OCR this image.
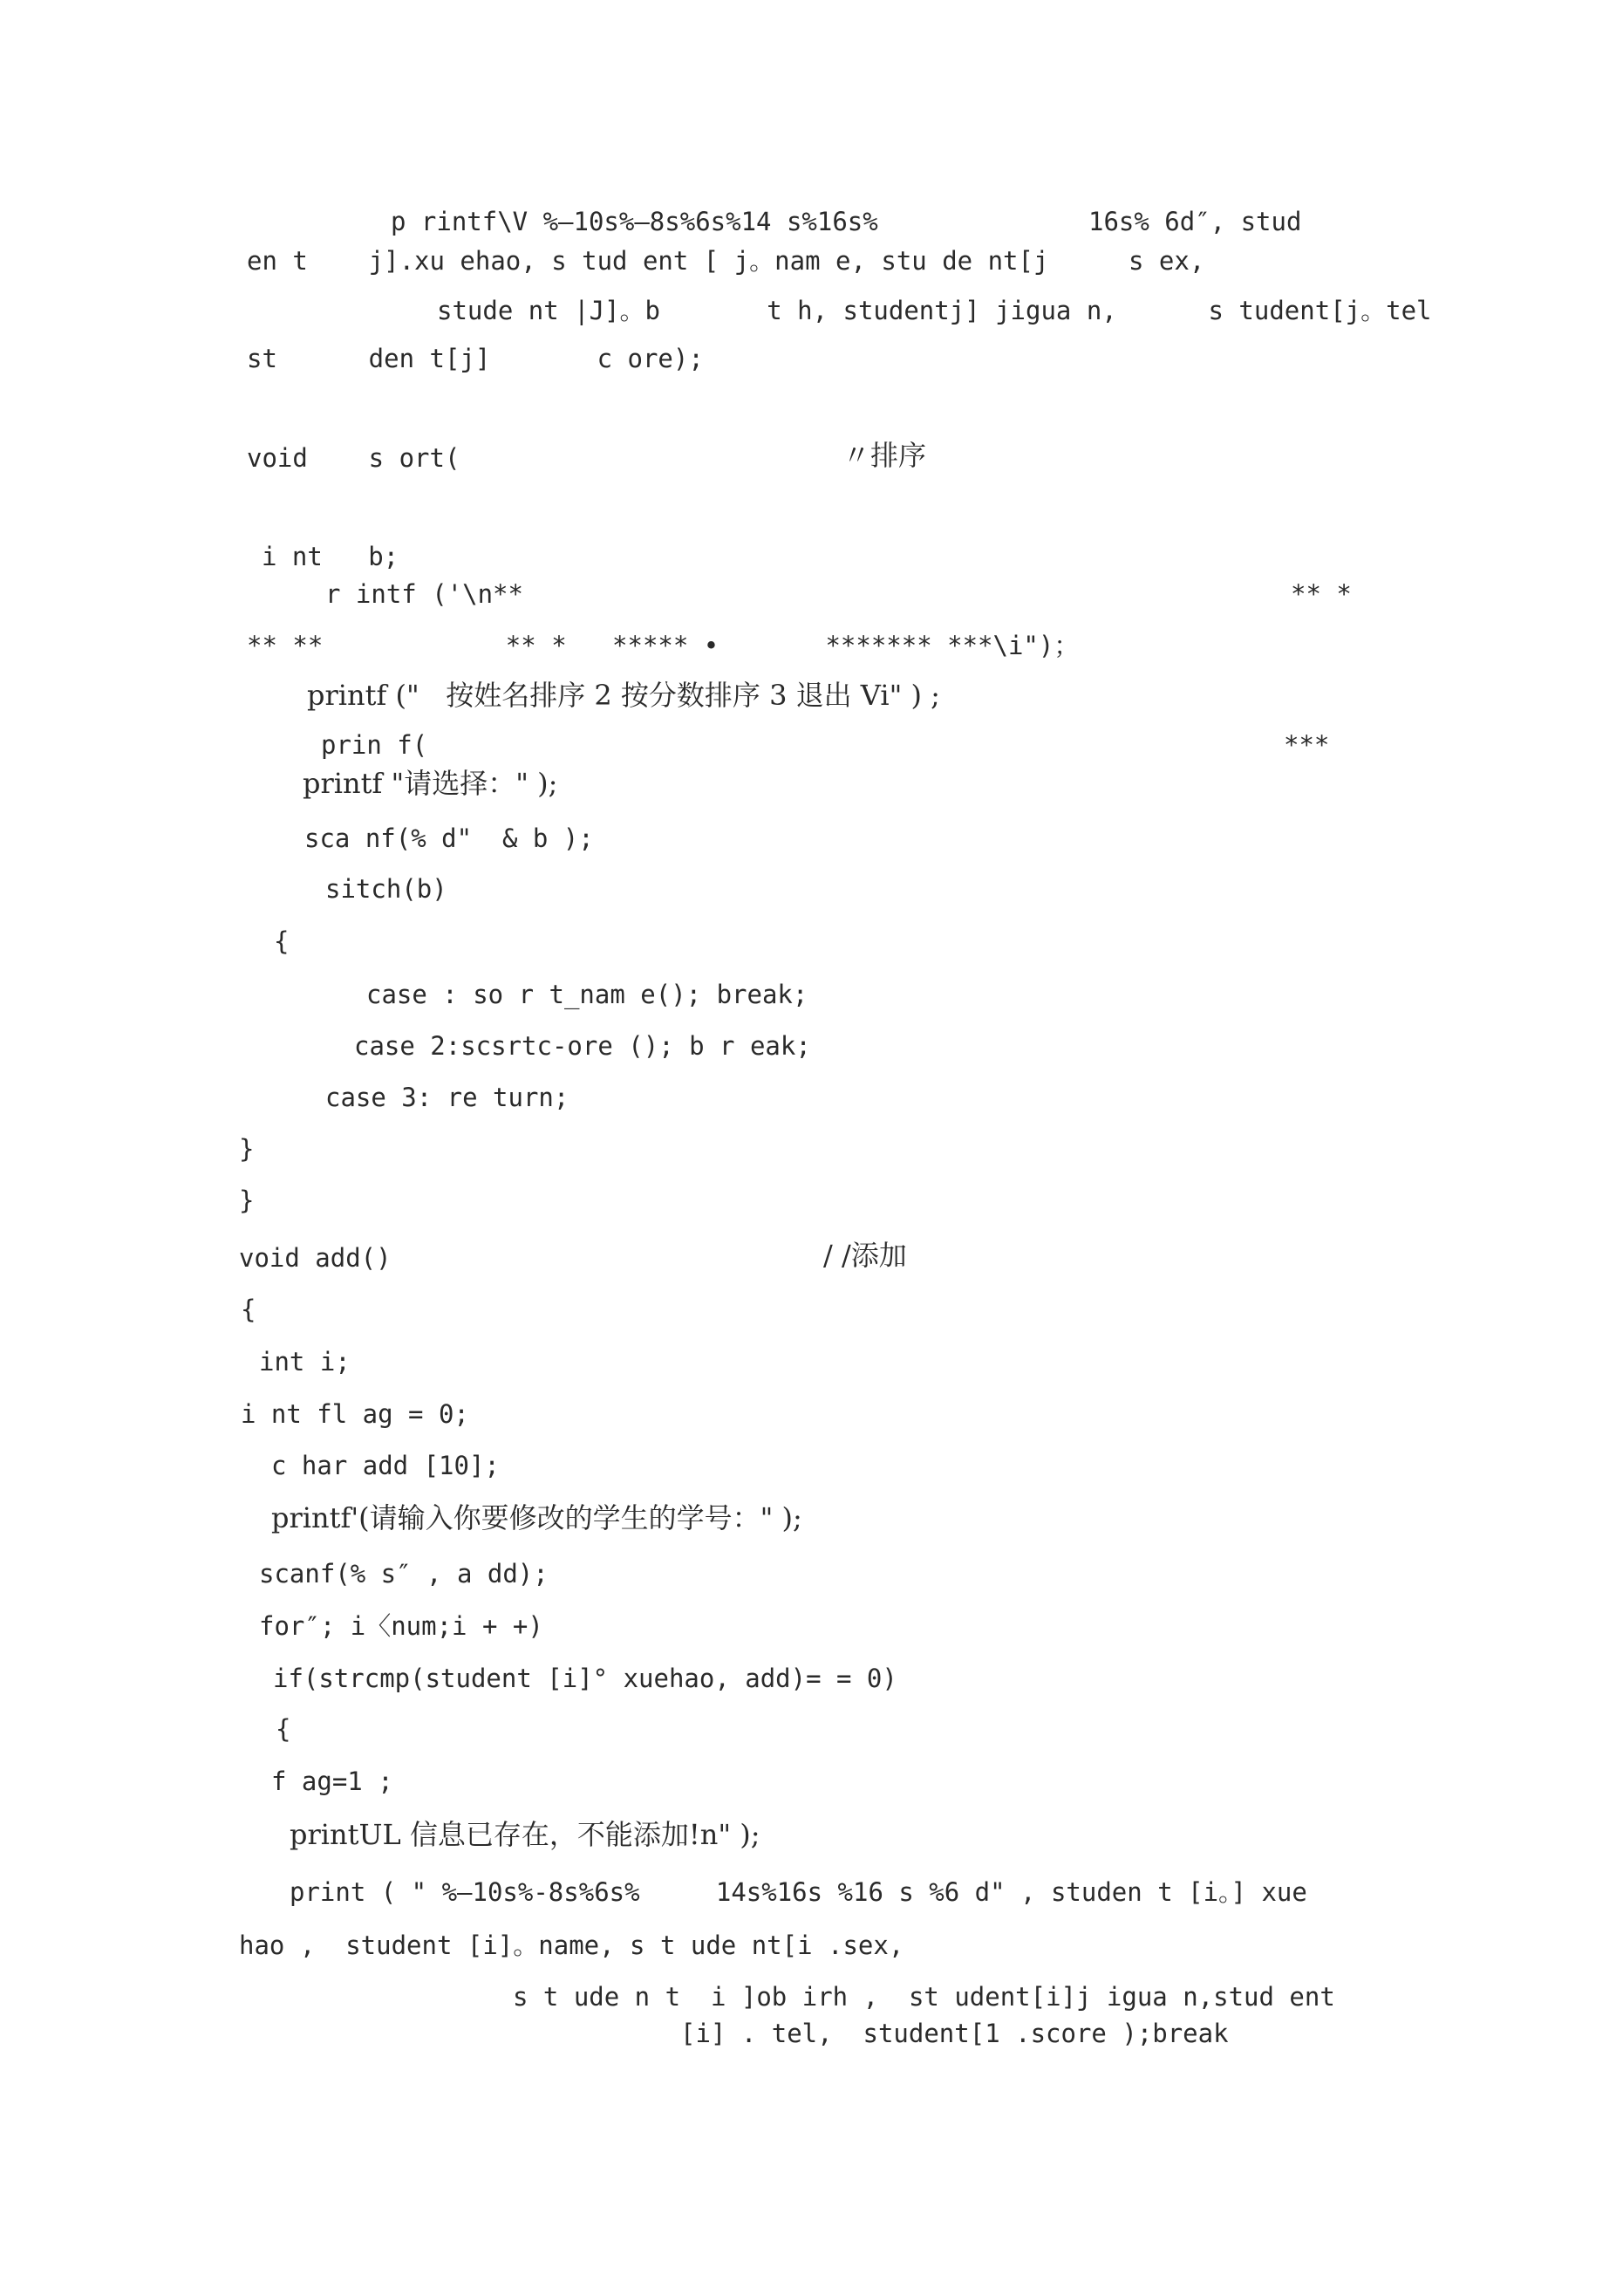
p rintf\V %—10s%—8s%6s%14 s%16s%	16s% 6d″, stud
en t    j].xu ehao, s tud ent [ j。nam e, stu de nt[j	s ex,
stude nt |J]。b       t h, studentj] jigua n,      s tudent[j。tel
st      den t[j]       c ore);
void    s ort(	〃排序
i nt   b;
r intf ('\n**	** *
** **            ** *   ***** •       ******* ***\i")；
printf ("   按姓名排序 2 按分数排序 3 退出 Vi" ) ;
prin f(	***
printf "请选择：" );
sca nf(% d"  & b );
sitch(b)
{
case : so r t_nam e(); break;
case 2:scsrtc-ore (); b r eak;
case 3: re turn;
}
}
void add()	/ /添加
{
int i;
i nt fl ag = 0;
c har add [10];
printf'(请输入你要修改的学生的学号：" );
scanf(% s″ , a dd);
for″; i〈num;i + +)
if(strcmp(student [i]° xuehao, add)= = 0)
{
f ag=1 ;
printUL 信息已存在，不能添加!n" );
print ( " %—10s%-8s%6s%     14s%16s %16 s %6 d" , studen t [i。] xue
hao ,  student [i]。name, s t ude nt[i .sex,
s t ude n t  i ]ob irh ,  st udent[i]j igua n,stud ent
[i] . tel,  student[1 .score );break
